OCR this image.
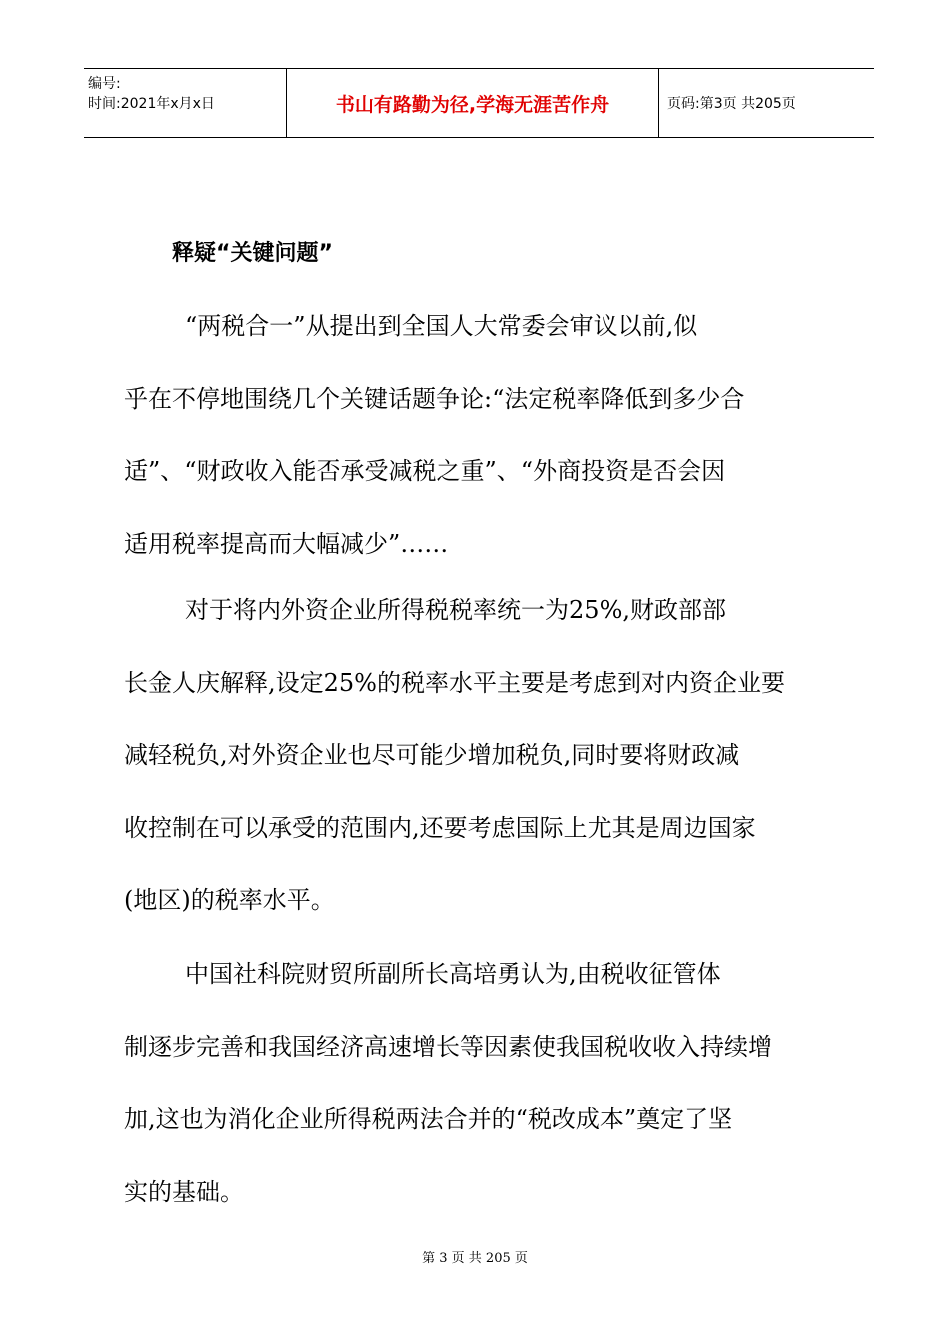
编号:
时间:2021年x月x日	书山有路勤为径,学海无涯苦作舟	页码:第3页 共205页
释疑“关键问题”
“两税合一”从提出到全国人大常委会审议以前,似
乎在不停地围绕几个关键话题争论:“法定税率降低到多少合
适”、“财政收入能否承受减税之重”、“外商投资是否会因
适用税率提高而大幅减少”……
对于将内外资企业所得税税率统一为25%,财政部部
长金人庆解释,设定25%的税率水平主要是考虑到对内资企业要
减轻税负,对外资企业也尽可能少增加税负,同时要将财政减
收控制在可以承受的范围内,还要考虑国际上尤其是周边国家
(地区)的税率水平。
中国社科院财贸所副所长高培勇认为,由税收征管体
制逐步完善和我国经济高速增长等因素使我国税收收入持续增
加,这也为消化企业所得税两法合并的“税改成本”奠定了坚
实的基础。
第 3 页 共 205 页
